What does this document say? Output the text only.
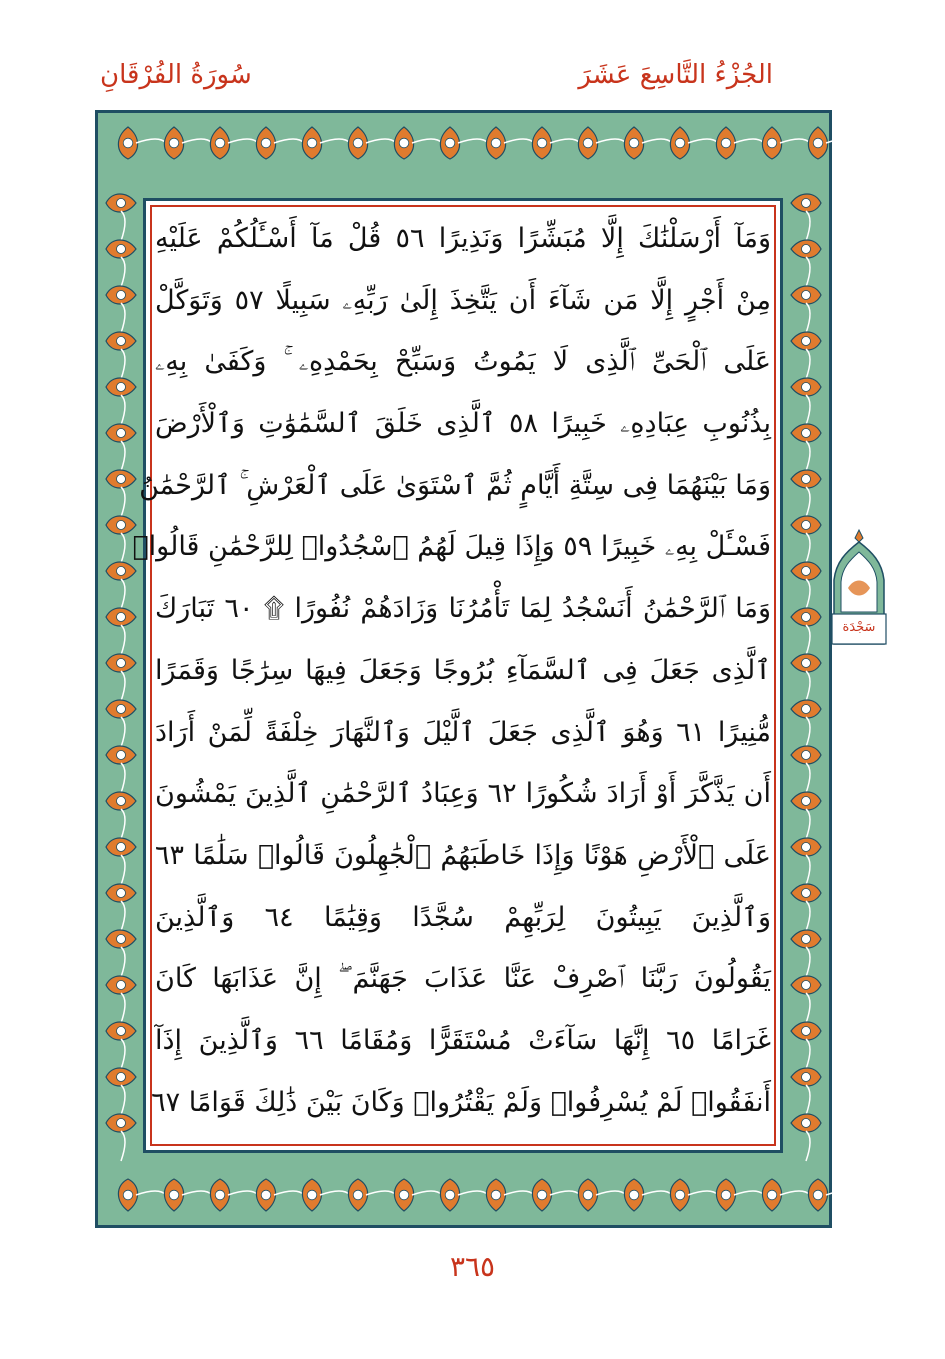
الجُزْءُ التَّاسِعَ عَشَرَ
سُورَةُ الفُرْقَانِ
وَمَآ أَرْسَلْنَٰكَ إِلَّا مُبَشِّرًا وَنَذِيرًا ٥٦ قُلْ مَآ أَسْـَٔلُكُمْ عَلَيْهِ
مِنْ أَجْرٍ إِلَّا مَن شَآءَ أَن يَتَّخِذَ إِلَىٰ رَبِّهِۦ سَبِيلًا ٥٧ وَتَوَكَّلْ
عَلَى ٱلْحَىِّ ٱلَّذِى لَا يَمُوتُ وَسَبِّحْ بِحَمْدِهِۦ ۚ وَكَفَىٰ بِهِۦ
بِذُنُوبِ عِبَادِهِۦ خَبِيرًا ٥٨ ٱلَّذِى خَلَقَ ٱلسَّمَٰوَٰتِ وَٱلْأَرْضَ
وَمَا بَيْنَهُمَا فِى سِتَّةِ أَيَّامٍ ثُمَّ ٱسْتَوَىٰ عَلَى ٱلْعَرْشِ ۚ ٱلرَّحْمَٰنُ
فَسْـَٔلْ بِهِۦ خَبِيرًا ٥٩ وَإِذَا قِيلَ لَهُمُ ٱسْجُدُوا۟ لِلرَّحْمَٰنِ قَالُوا۟
وَمَا ٱلرَّحْمَٰنُ أَنَسْجُدُ لِمَا تَأْمُرُنَا وَزَادَهُمْ نُفُورًا ۩ ٦٠ تَبَارَكَ
ٱلَّذِى جَعَلَ فِى ٱلسَّمَآءِ بُرُوجًا وَجَعَلَ فِيهَا سِرَٰجًا وَقَمَرًا
مُّنِيرًا ٦١ وَهُوَ ٱلَّذِى جَعَلَ ٱلَّيْلَ وَٱلنَّهَارَ خِلْفَةً لِّمَنْ أَرَادَ
أَن يَذَّكَّرَ أَوْ أَرَادَ شُكُورًا ٦٢ وَعِبَادُ ٱلرَّحْمَٰنِ ٱلَّذِينَ يَمْشُونَ
عَلَى ٱلْأَرْضِ هَوْنًا وَإِذَا خَاطَبَهُمُ ٱلْجَٰهِلُونَ قَالُوا۟ سَلَٰمًا ٦٣
وَٱلَّذِينَ يَبِيتُونَ لِرَبِّهِمْ سُجَّدًا وَقِيَٰمًا ٦٤ وَٱلَّذِينَ
يَقُولُونَ رَبَّنَا ٱصْرِفْ عَنَّا عَذَابَ جَهَنَّمَ ۖ إِنَّ عَذَابَهَا كَانَ
غَرَامًا ٦٥ إِنَّهَا سَآءَتْ مُسْتَقَرًّا وَمُقَامًا ٦٦ وَٱلَّذِينَ إِذَآ
أَنفَقُوا۟ لَمْ يُسْرِفُوا۟ وَلَمْ يَقْتُرُوا۟ وَكَانَ بَيْنَ ذَٰلِكَ قَوَامًا ٦٧
سَجْدَة
٣٦٥
